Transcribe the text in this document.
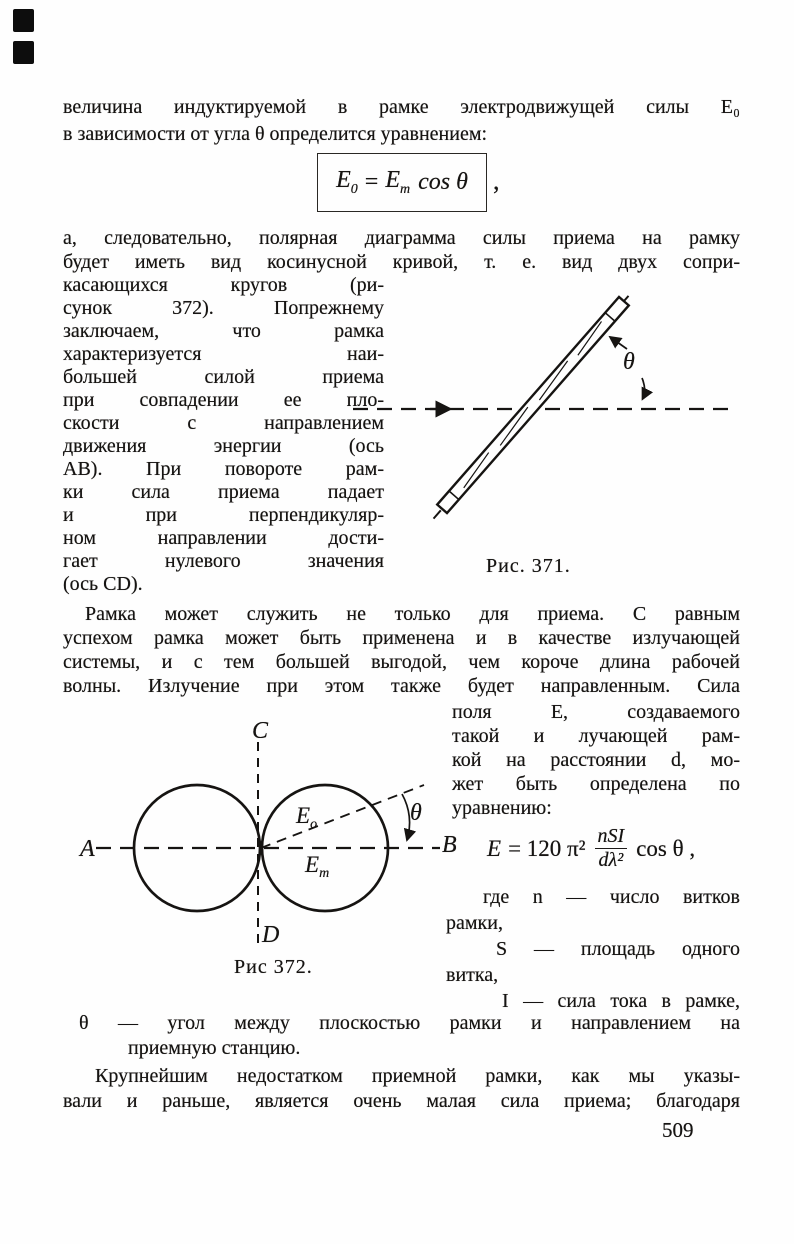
величина индуктируемой в рамке электродвижущей силы E₀
в зависимости от угла θ определится уравнением:
$E_0 = E_m$ cos θ ,
а, следовательно, полярная диаграмма силы приема на рамку
будет иметь вид косинусной кривой, т. е. вид двух сопри-
касающихся кругов (ри-
сунок 372). Попрежнему
заключаем, что рамка
характеризуется наи-
большей силой приема
при совпадении ее пло-
скости с направлением
движения энергии (ось
AB). При повороте рам-
ки сила приема падает
и при перпендикуляр-
ном направлении дости-
гает нулевого значения
(ось CD).
θ
Рис. 371.
Рамка может служить не только для приема. С равным
успехом рамка может быть применена и в качестве излучающей
системы, и с тем большей выгодой, чем короче длина рабочей
волны. Излучение при этом также будет направленным. Сила
C
D
A	B
$E_o$
$E_m$
θ
Рис 372.
поля E, создаваемого
такой и лучающей рам-
кой на расстоянии d, мо-
жет быть определена по
уравнению:
E = 120 $\pi^2 \frac{\text{nSI}}{\text{dλ²}}$ cos θ ,
где n — число витков
рамки,
S — площадь одного
витка,
I — сила тока в рамке,
θ — угол между плоскостью рамки и направлением на
приемную станцию.
Крупнейшим недостатком приемной рамки, как мы указы-
вали и раньше, является очень малая сила приема; благодаря
509
